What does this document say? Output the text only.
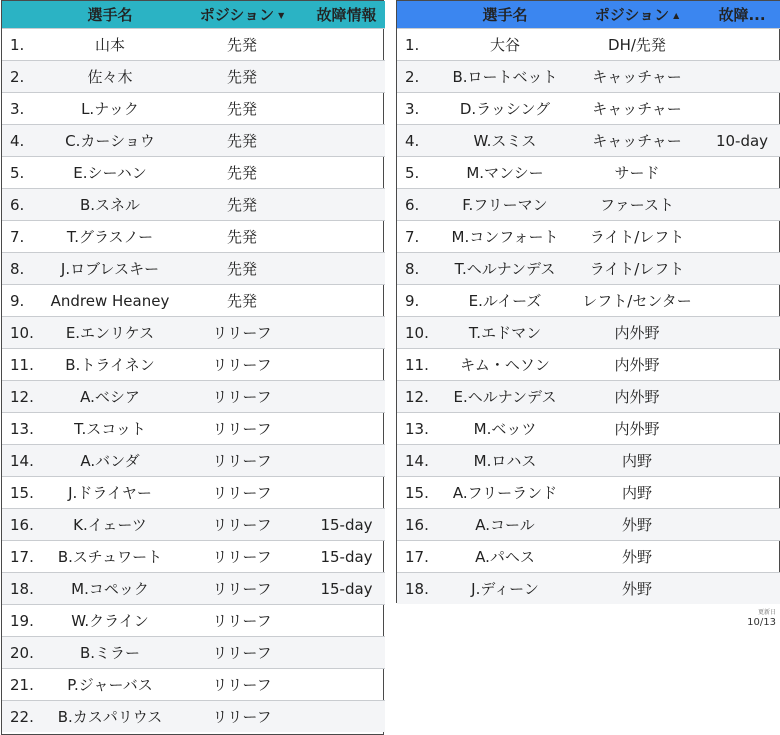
	選手名	ポジション ▼	故障情報
1.	山本	先発	
2.	佐々木	先発	
3.	L.ナック	先発	
4.	C.カーショウ	先発	
5.	E.シーハン	先発	
6.	B.スネル	先発	
7.	T.グラスノー	先発	
8.	J.ロブレスキー	先発	
9.	Andrew Heaney	先発	
10.	E.エンリケス	リリーフ	
11.	B.トライネン	リリーフ	
12.	A.ベシア	リリーフ	
13.	T.スコット	リリーフ	
14.	A.バンダ	リリーフ	
15.	J.ドライヤー	リリーフ	
16.	K.イェーツ	リリーフ	15-day
17.	B.スチュワート	リリーフ	15-day
18.	M.コペック	リリーフ	15-day
19.	W.クライン	リリーフ	
20.	B.ミラー	リリーフ	
21.	P.ジャーバス	リリーフ	
22.	B.カスパリウス	リリーフ	
	選手名	ポジション ▲	故障...
1.	大谷	DH/先発	
2.	B.ロートベット	キャッチャー	
3.	D.ラッシング	キャッチャー	
4.	W.スミス	キャッチャー	10-day
5.	M.マンシー	サード	
6.	F.フリーマン	ファースト	
7.	M.コンフォート	ライト/レフト	
8.	T.ヘルナンデス	ライト/レフト	
9.	E.ルイーズ	レフト/センター	
10.	T.エドマン	内外野	
11.	キム・ヘソン	内外野	
12.	E.ヘルナンデス	内外野	
13.	M.ベッツ	内外野	
14.	M.ロハス	内野	
15.	A.フリーランド	内野	
16.	A.コール	外野	
17.	A.パヘス	外野	
18.	J.ディーン	外野	
更新日
10/13
